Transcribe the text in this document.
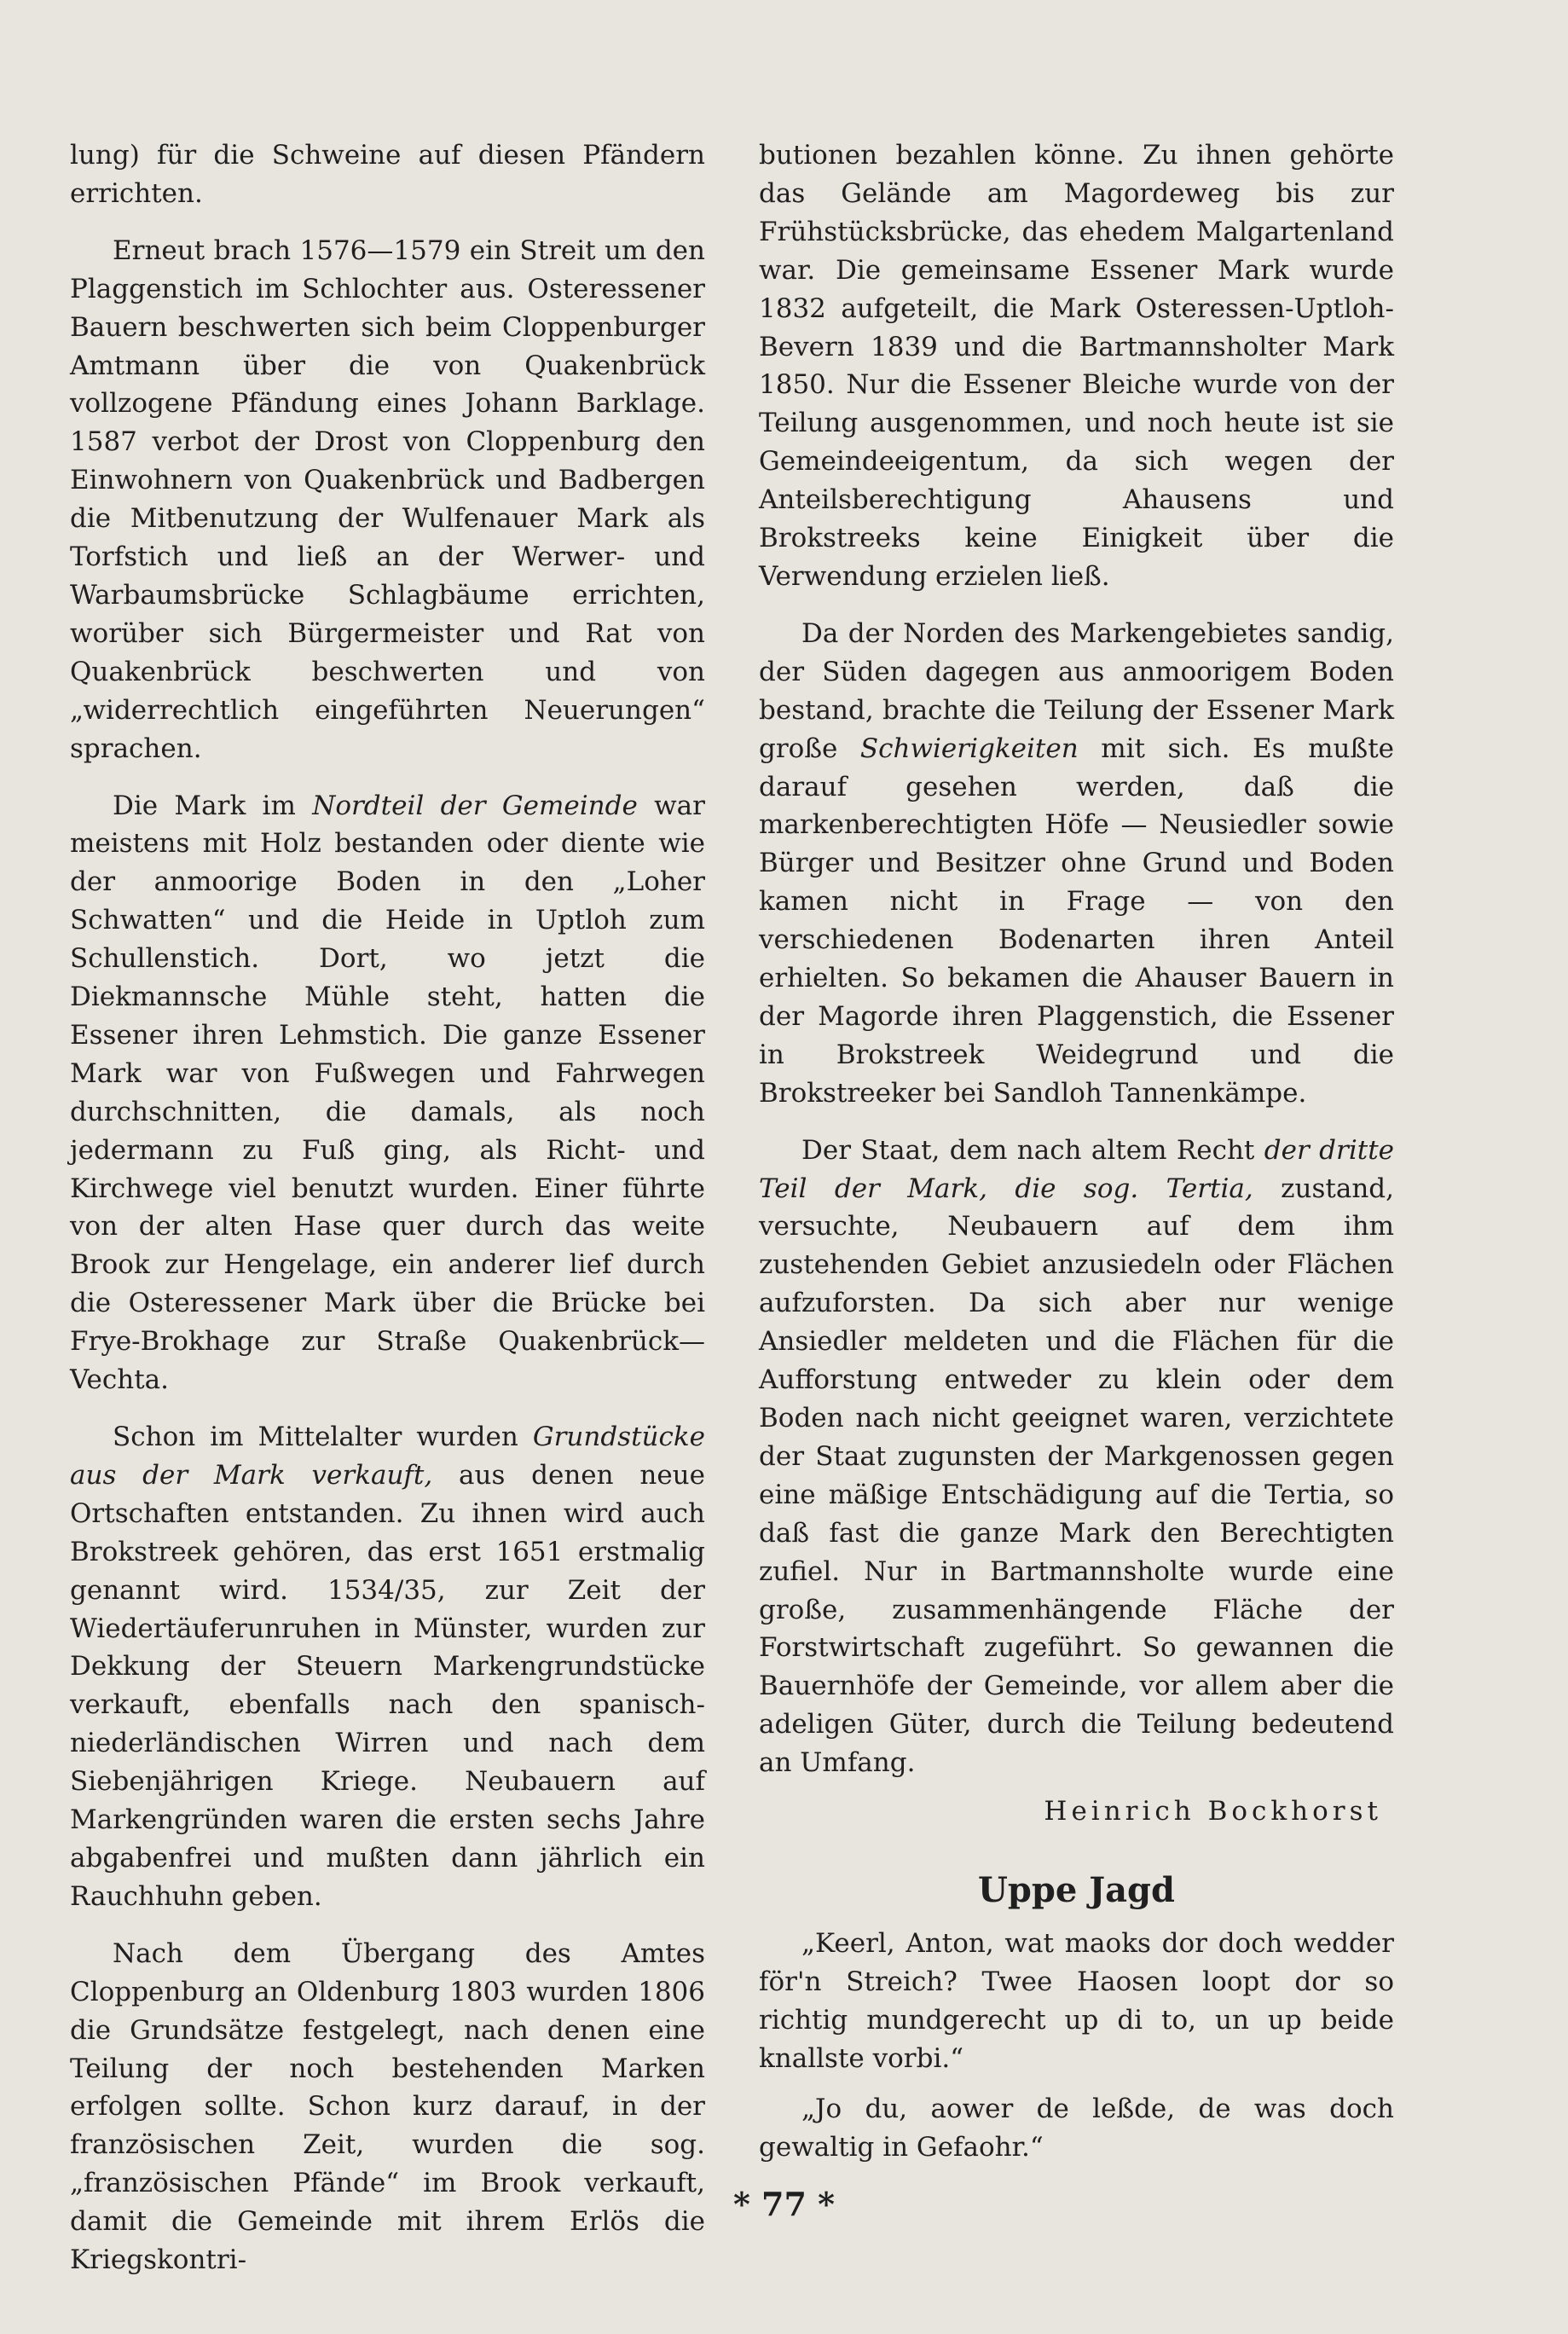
lung) für die Schweine auf diesen Pfändern errichten.

Erneut brach 1576—1579 ein Streit um den Plaggenstich im Schlochter aus. Osteressener Bauern beschwerten sich beim Cloppenburger Amtmann über die von Quakenbrück vollzogene Pfändung eines Johann Barklage. 1587 verbot der Drost von Cloppenburg den Einwohnern von Quakenbrück und Badbergen die Mitbenutzung der Wulfenauer Mark als Torfstich und ließ an der Werwer- und Warbaumsbrücke Schlagbäume errichten, worüber sich Bürgermeister und Rat von Quakenbrück beschwerten und von „widerrechtlich eingeführten Neuerungen“ sprachen.

Die Mark im Nordteil der Gemeinde war meistens mit Holz bestanden oder diente wie der anmoorige Boden in den „Loher Schwatten“ und die Heide in Uptloh zum Schullenstich. Dort, wo jetzt die Diekmannsche Mühle steht, hatten die Essener ihren Lehmstich. Die ganze Essener Mark war von Fußwegen und Fahrwegen durchschnitten, die damals, als noch jedermann zu Fuß ging, als Richt- und Kirchwege viel benutzt wurden. Einer führte von der alten Hase quer durch das weite Brook zur Hengelage, ein anderer lief durch die Osteressener Mark über die Brücke bei Frye-Brokhage zur Straße Quakenbrück—Vechta.

Schon im Mittelalter wurden Grundstücke aus der Mark verkauft, aus denen neue Ortschaften entstanden. Zu ihnen wird auch Brokstreek gehören, das erst 1651 erstmalig genannt wird. 1534/35, zur Zeit der Wiedertäuferunruhen in Münster, wurden zur Dekkung der Steuern Markengrundstücke verkauft, ebenfalls nach den spanisch-niederländischen Wirren und nach dem Siebenjährigen Kriege. Neubauern auf Markengründen waren die ersten sechs Jahre abgabenfrei und mußten dann jährlich ein Rauchhuhn geben.

Nach dem Übergang des Amtes Cloppenburg an Oldenburg 1803 wurden 1806 die Grundsätze festgelegt, nach denen eine Teilung der noch bestehenden Marken erfolgen sollte. Schon kurz darauf, in der französischen Zeit, wurden die sog. „französischen Pfände“ im Brook verkauft, damit die Gemeinde mit ihrem Erlös die Kriegskontri-

butionen bezahlen könne. Zu ihnen gehörte das Gelände am Magordeweg bis zur Frühstücksbrücke, das ehedem Malgartenland war. Die gemeinsame Essener Mark wurde 1832 aufgeteilt, die Mark Osteressen-Uptloh-Bevern 1839 und die Bartmannsholter Mark 1850. Nur die Essener Bleiche wurde von der Teilung ausgenommen, und noch heute ist sie Gemeindeeigentum, da sich wegen der Anteilsberechtigung Ahausens und Brokstreeks keine Einigkeit über die Verwendung erzielen ließ.

Da der Norden des Markengebietes sandig, der Süden dagegen aus anmoorigem Boden bestand, brachte die Teilung der Essener Mark große Schwierigkeiten mit sich. Es mußte darauf gesehen werden, daß die markenberechtigten Höfe — Neusiedler sowie Bürger und Besitzer ohne Grund und Boden kamen nicht in Frage — von den verschiedenen Bodenarten ihren Anteil erhielten. So bekamen die Ahauser Bauern in der Magorde ihren Plaggenstich, die Essener in Brokstreek Weidegrund und die Brokstreeker bei Sandloh Tannenkämpe.

Der Staat, dem nach altem Recht der dritte Teil der Mark, die sog. Tertia, zustand, versuchte, Neubauern auf dem ihm zustehenden Gebiet anzusiedeln oder Flächen aufzuforsten. Da sich aber nur wenige Ansiedler meldeten und die Flächen für die Aufforstung entweder zu klein oder dem Boden nach nicht geeignet waren, verzichtete der Staat zugunsten der Markgenossen gegen eine mäßige Entschädigung auf die Tertia, so daß fast die ganze Mark den Berechtigten zufiel. Nur in Bartmannsholte wurde eine große, zusammenhängende Fläche der Forstwirtschaft zugeführt. So gewannen die Bauernhöfe der Gemeinde, vor allem aber die adeligen Güter, durch die Teilung bedeutend an Umfang.

Heinrich Bockhorst
Uppe Jagd

„Keerl, Anton, wat maoks dor doch wedder för'n Streich? Twee Haosen loopt dor so richtig mundgerecht up di to, un up beide knallste vorbi.“

„Jo du, aower de leßde, de was doch gewaltig in Gefaohr.“

* 77 *
